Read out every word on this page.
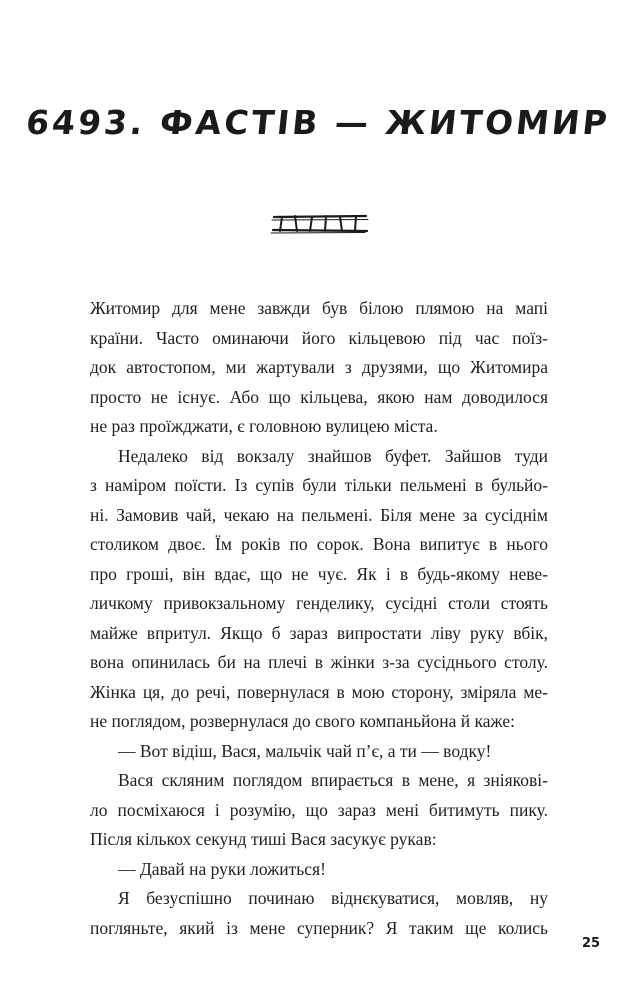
6493. ФАСТІВ — ЖИТОМИР
Житомир для мене завжди був білою плямою на мапі
країни. Часто оминаючи його кільцевою під час поїз-
док автостопом, ми жартували з друзями, що Житомира
просто не існує. Або що кільцева, якою нам доводилося
не раз проїжджати, є головною вулицею міста.
Недалеко від вокзалу знайшов буфет. Зайшов туди
з наміром поїсти. Із супів були тільки пельмені в бульйо-
ні. Замовив чай, чекаю на пельмені. Біля мене за сусіднім
столиком двоє. Їм років по сорок. Вона випитує в нього
про гроші, він вдає, що не чує. Як і в будь-якому неве-
личкому привокзальному генделику, сусідні столи стоять
майже впритул. Якщо б зараз випростати ліву руку вбік,
вона опинилась би на плечі в жінки з-за сусіднього столу.
Жінка ця, до речі, повернулася в мою сторону, зміряла ме-
не поглядом, розвернулася до свого компаньйона й каже:
— Вот відіш, Вася, мальчік чай п’є, а ти — водку!
Вася скляним поглядом впирається в мене, я зніякові-
ло посміхаюся і розумію, що зараз мені битимуть пику.
Після кількох секунд тиші Вася засукує рукав:
— Давай на руки ложиться!
Я безуспішно починаю віднєкуватися, мовляв, ну
погляньте, який із мене суперник? Я таким ще колись
25
